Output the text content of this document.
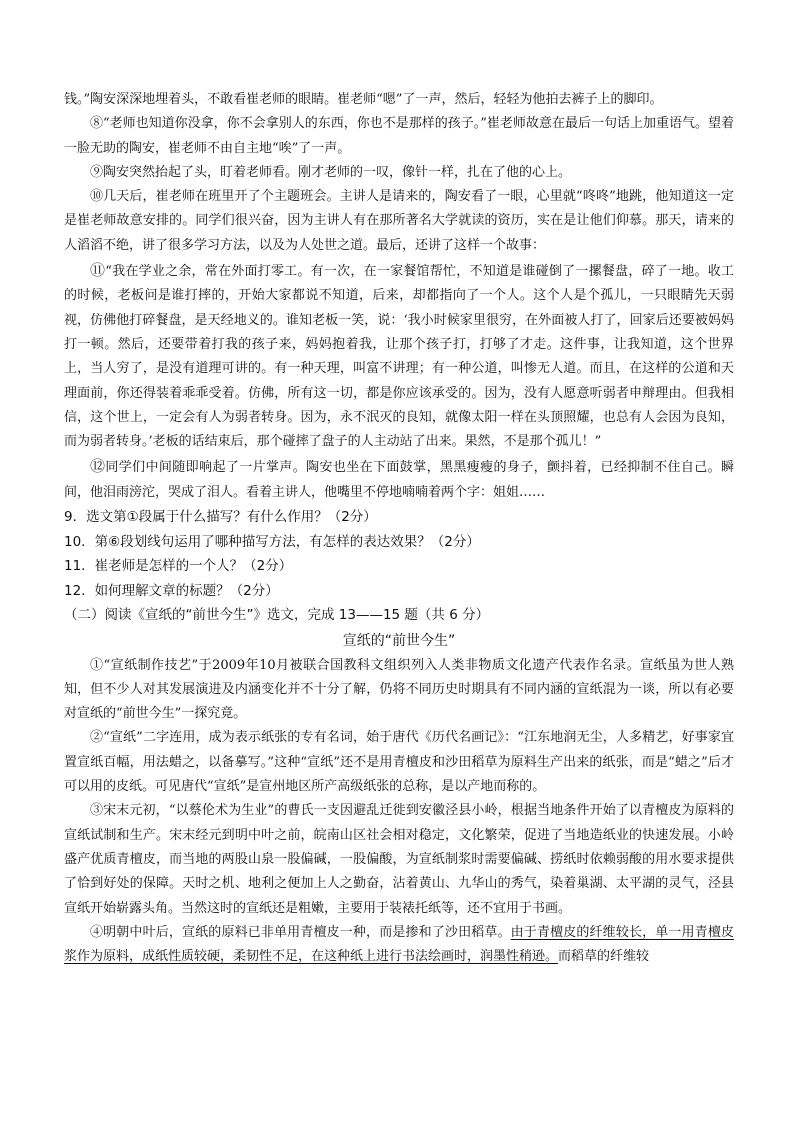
钱。”陶安深深地埋着头，不敢看崔老师的眼睛。崔老师“嗯”了一声，然后，轻轻为他拍去裤子上的脚印。

⑧“老师也知道你没拿，你不会拿别人的东西，你也不是那样的孩子。”崔老师故意在最后一句话上加重语气。望着一脸无助的陶安，崔老师不由自主地“唉”了一声。

⑨陶安突然抬起了头，盯着老师看。刚才老师的一叹，像针一样，扎在了他的心上。

⑩几天后，崔老师在班里开了个主题班会。主讲人是请来的，陶安看了一眼，心里就“咚咚”地跳，他知道这一定是崔老师故意安排的。同学们很兴奋，因为主讲人有在那所著名大学就读的资历，实在是让他们仰慕。那天，请来的人滔滔不绝，讲了很多学习方法，以及为人处世之道。最后，还讲了这样一个故事：

⑪“我在学业之余，常在外面打零工。有一次，在一家餐馆帮忙，不知道是谁碰倒了一摞餐盘，碎了一地。收工的时候，老板问是谁打摔的，开始大家都说不知道，后来，却都指向了一个人。这个人是个孤儿，一只眼睛先天弱视，仿佛他打碎餐盘，是天经地义的。谁知老板一笑，说：‘我小时候家里很穷，在外面被人打了，回家后还要被妈妈打一顿。然后，还要带着打我的孩子来，妈妈抱着我，让那个孩子打，打够了才走。这件事，让我知道，这个世界上，当人穷了，是没有道理可讲的。有一种天理，叫富不讲理；有一种公道，叫惨无人道。而且，在这样的公道和天理面前，你还得装着乖乖受着。仿佛，所有这一切，都是你应该承受的。因为，没有人愿意听弱者申辩理由。但我相信，这个世上，一定会有人为弱者转身。因为，永不泯灭的良知，就像太阳一样在头顶照耀，也总有人会因为良知，而为弱者转身。’老板的话结束后，那个碰摔了盘子的人主动站了出来。果然，不是那个孤儿！”

⑫同学们中间随即响起了一片掌声。陶安也坐在下面鼓掌，黑黑瘦瘦的身子，颤抖着，已经抑制不住自己。瞬间，他泪雨滂沱，哭成了泪人。看着主讲人，他嘴里不停地喃喃着两个字：姐姐……

9．选文第①段属于什么描写？有什么作用？（2分）

10．第⑥段划线句运用了哪种描写方法，有怎样的表达效果？（2分）

11．崔老师是怎样的一个人？（2分）

12．如何理解文章的标题？（2分）

（二）阅读《宣纸的“前世今生”》选文，完成 13——15 题（共 6 分）

宣纸的“前世今生”

①“宣纸制作技艺”于2009年10月被联合国教科文组织列入人类非物质文化遗产代表作名录。宣纸虽为世人熟知，但不少人对其发展演进及内涵变化并不十分了解，仍将不同历史时期具有不同内涵的宣纸混为一谈，所以有必要对宣纸的“前世今生”一探究竟。

②“宣纸”二字连用，成为表示纸张的专有名词，始于唐代《历代名画记》：“江东地润无尘，人多精艺，好事家宜置宣纸百幅，用法蜡之，以备摹写。”这种“宣纸”还不是用青檀皮和沙田稻草为原料生产出来的纸张，而是“蜡之”后才可以用的皮纸。可见唐代“宣纸”是宣州地区所产高级纸张的总称，是以产地而称的。

③宋末元初，“以蔡伦术为生业”的曹氏一支因避乱迁徙到安徽泾县小岭，根据当地条件开始了以青檀皮为原料的宣纸试制和生产。宋末经元到明中叶之前，皖南山区社会相对稳定，文化繁荣，促进了当地造纸业的快速发展。小岭盛产优质青檀皮，而当地的两股山泉一股偏碱，一股偏酸，为宣纸制浆时需要偏碱、捞纸时依赖弱酸的用水要求提供了恰到好处的保障。天时之机、地利之便加上人之勤奋，沾着黄山、九华山的秀气，染着巢湖、太平湖的灵气，泾县宣纸开始崭露头角。当然这时的宣纸还是粗嫩，主要用于装裱托纸等，还不宜用于书画。

④明朝中叶后，宣纸的原料已非单用青檀皮一种，而是掺和了沙田稻草。由于青檀皮的纤维较长，单一用青檀皮浆作为原料，成纸性质较硬，柔韧性不足，在这种纸上进行书法绘画时，润墨性稍逊。而稻草的纤维较
